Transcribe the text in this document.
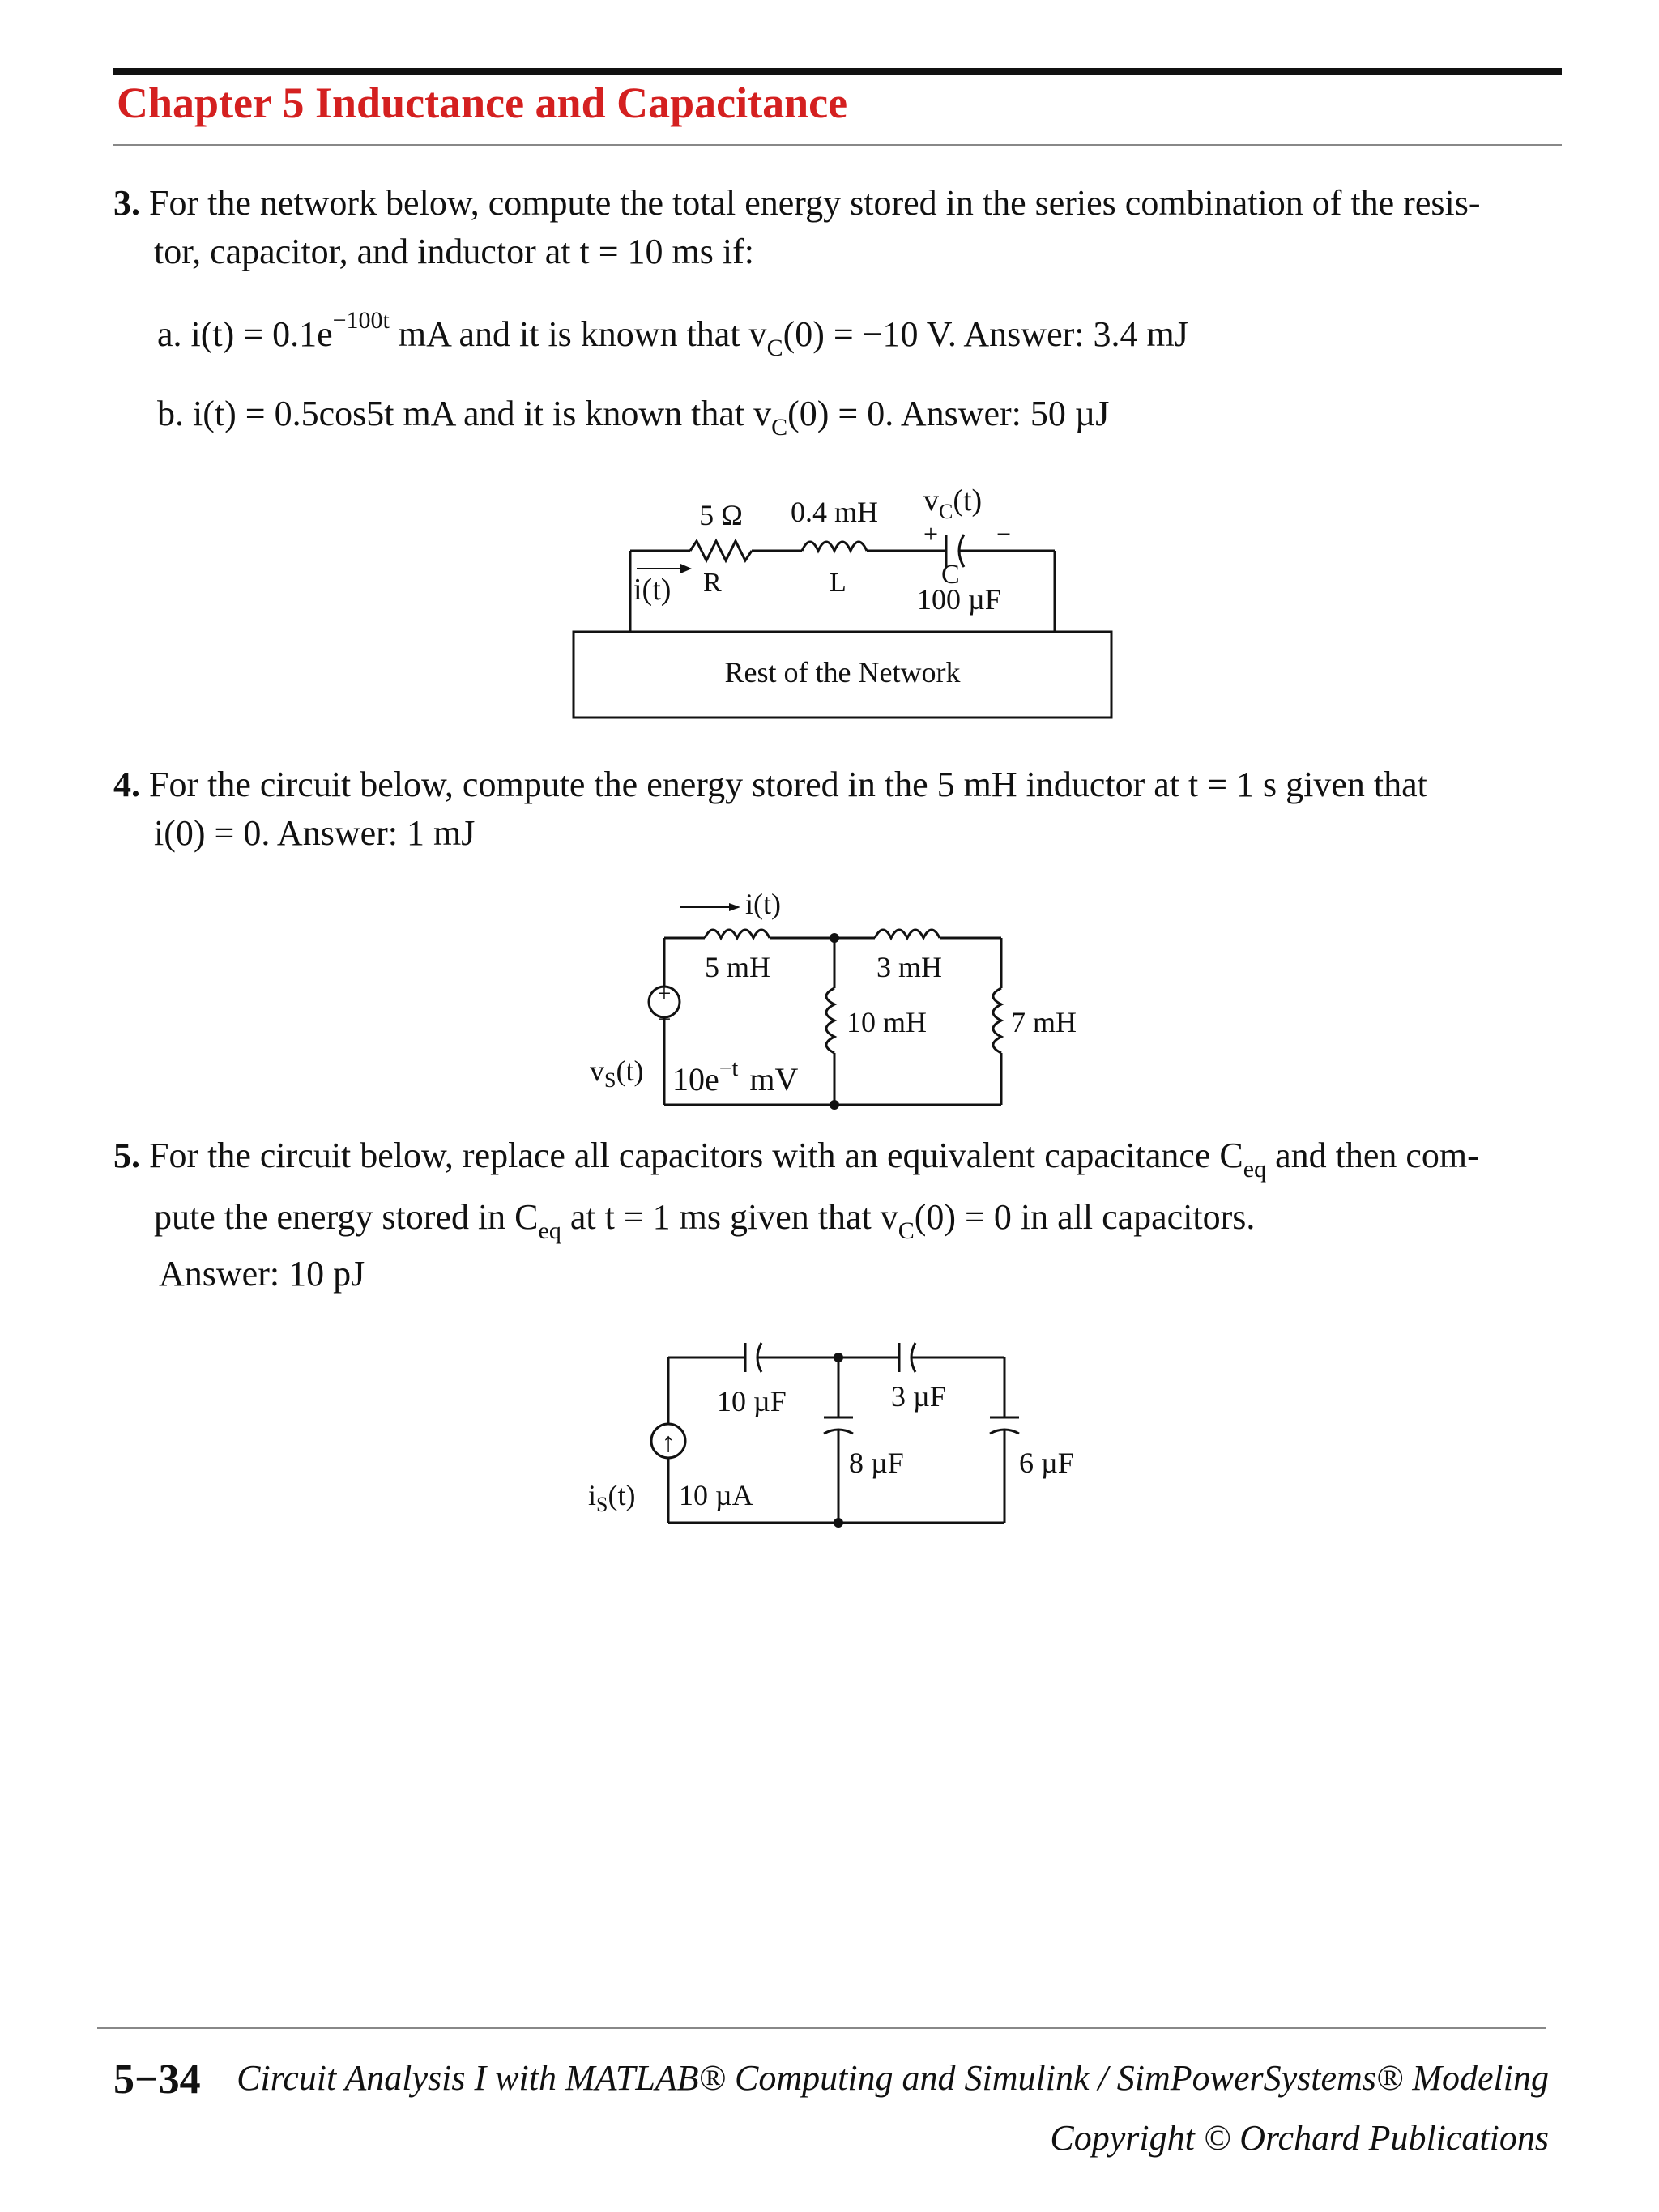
Chapter 5 Inductance and Capacitance
3. For the network below, compute the total energy stored in the series combination of the resis-
tor, capacitor, and inductor at t = 10 ms if:
a. $i(t) = 0.1e^{-100t}$ mA and it is known that $v_C(0) = -10$ V. Answer: 3.4 mJ
b. i(t) = 0.5cos5t mA and it is known that $v_C(0) = 0$. Answer: 50 µJ
Rest of the Network
5 Ω 0.4 mH $v_C(t)$
+ −
i(t) R	L	C
100 µF
4. For the circuit below, compute the energy stored in the 5 mH inductor at t = 1 s given that
i(0) = 0. Answer: 1 mJ
i(t)
5 mH	3 mH
10 mH	7 mH
+
−
$v_S(t)$ $10e^{-t}$ mV
5. For the circuit below, replace all capacitors with an equivalent capacitance $C_{eq}$ and then com-
pute the energy stored in $C_{eq}$ at t = 1 ms given that $v_C(0) = 0$ in all capacitors.
Answer: 10 pJ
↑
10 µF	3 µF
8 µF	6 µF
$i_S(t)$ 10 µA
5−34 Circuit Analysis I with MATLAB® Computing and Simulink / SimPowerSystems® Modeling
Copyright © Orchard Publications
